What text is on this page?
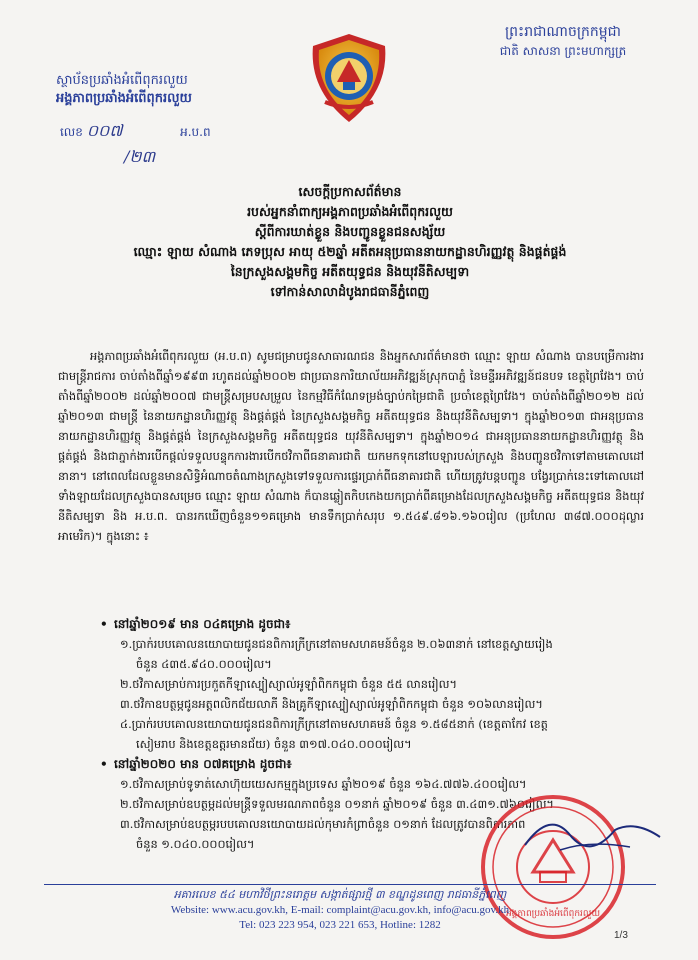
ស្ថាប័នប្រឆាំងអំពើពុករលួយ
អង្គភាពប្រឆាំងអំពើពុករលួយ
លេខ ០០៧	អ.ប.ព
/២៣
ព្រះរាជាណាចក្រកម្ពុជា
ជាតិ សាសនា ព្រះមហាក្សត្រ
សេចក្តីប្រកាសព័ត៌មាន
របស់អ្នកនាំពាក្យអង្គភាពប្រឆាំងអំពើពុករលួយ
ស្តីពីការឃាត់ខ្លួន និងបញ្ជូនខ្លួនជនសង្ស័យ
ឈ្មោះ ឡាយ សំណាង ភេទប្រុស អាយុ ៥២ឆ្នាំ អតីតអនុប្រធាននាយកដ្ឋានហិរញ្ញវត្ថុ និងផ្គត់ផ្គង់
នៃក្រសួងសង្គមកិច្ច អតីតយុទ្ធជន និងយុវនីតិសម្បទា
ទៅកាន់សាលាដំបូងរាជធានីភ្នំពេញ
អង្គភាពប្រឆាំងអំពើពុករលួយ (អ.ប.ព) សូមជម្រាបជូនសាធារណជន និងអ្នកសារព័ត៌មានថា ឈ្មោះ ឡាយ សំណាង បានបម្រើការងារជាមន្ត្រីរាជការ ចាប់តាំងពីឆ្នាំ១៩៩៣ រហូតដល់ឆ្នាំ២០០២ ជាប្រធានការិយាល័យអភិវឌ្ឍន៍ស្រុកបាភ្នំ នៃមន្ទីរអភិវឌ្ឍន៍ជនបទ ខេត្តព្រៃវែង។ ចាប់តាំងពីឆ្នាំ២០០២ ដល់ឆ្នាំ២០០៧ ជាមន្ត្រីសម្របសម្រួល នៃកម្មវិធីកំណែទម្រង់ច្បាប់កម្រៃជាតិ ប្រចាំខេត្តព្រៃវែង។ ចាប់តាំងពីឆ្នាំ២០១២ ដល់ឆ្នាំ២០១៣ ជាមន្ត្រី នៃនាយកដ្ឋានហិរញ្ញវត្ថុ និងផ្គត់ផ្គង់ នៃក្រសួងសង្គមកិច្ច អតីតយុទ្ធជន និងយុវនីតិសម្បទា។ ក្នុងឆ្នាំ២០១៣ ជាអនុប្រធាននាយកដ្ឋានហិរញ្ញវត្ថុ និងផ្គត់ផ្គង់ នៃក្រសួងសង្គមកិច្ច អតីតយុទ្ធជន យុវនីតិសម្បទា។ ក្នុងឆ្នាំ២០១៤ ជាអនុប្រធាននាយកដ្ឋានហិរញ្ញវត្ថុ និងផ្គត់ផ្គង់ និងជាភ្នាក់ងារបើកផ្តល់ទទួលបន្ទុកការងារបើកថវិកាពីធនាគារជាតិ យកមកទុកនៅបេឡារបស់ក្រសួង និងបញ្ជូនថវិកាទៅតាមគោលដៅនានា។ នៅពេលដែលខ្លួនមានសិទ្ធិអំណាចតំណាងក្រសួងទៅទទួលការផ្ទេរប្រាក់ពីធនាគារជាតិ ហើយត្រូវបន្តបញ្ជូន បង្វែរប្រាក់នេះទៅគោលដៅទាំងឡាយដែលក្រសួងបានសម្រេច ឈ្មោះ ឡាយ សំណាង ក៏បានឆ្លៀតកិបកេងយកប្រាក់ពីគម្រោងដែលក្រសួងសង្គមកិច្ច អតីតយុទ្ធជន និងយុវនីតិសម្បទា និង អ.ប.ព. បានរកឃើញចំនួន១១គម្រោង មានទឹកប្រាក់សរុប ១.៥៤៩.៨១៦.១៦០រៀល (ប្រហែល ៣៨៧.០០០ដុល្លារអាមេរិក)។ ក្នុងនោះ ៖
• នៅឆ្នាំ២០១៩ មាន ០៤គម្រោង ដូចជា៖
១.ប្រាក់របបគោលនយោបាយជូនជនពិការក្រីក្រនៅតាមសហគមន៍ចំនួន ២.០៦៣នាក់ នៅខេត្តស្វាយរៀង
ចំនួន ៤៣៥.៩៤០.០០០រៀល។
២.ថវិកាសម្រាប់ការប្រកួតកីឡាស្បៀស្យាល់អូឡាំពិកកម្ពុជា ចំនួន ៥៥ លានរៀល។
៣.ថវិកាឧបត្ថម្ភជូនអត្តពលិកជ័យលាភី និងគ្រូកីឡាស្បៀស្យាល់អូឡាំពិកកម្ពុជា ចំនួន ១០៦លានរៀល។
៤.ប្រាក់របបគោលនយោបាយជូនជនពិការក្រីក្រនៅតាមសហគមន៍ ចំនួន ១.៥៨៥នាក់ (ខេត្តតាកែវ ខេត្ត
សៀមរាប និងខេត្តឧត្តរមានជ័យ) ចំនួន ៣១៧.០៤០.០០០រៀល។
• នៅឆ្នាំ២០២០ មាន ០៧គម្រោង ដូចជា៖
១.ថវិកាសម្រាប់ទូទាត់សោហ៊ុយយេសកម្មក្នុងប្រទេស ឆ្នាំ២០១៩ ចំនួន ១៦៤.៧៧៦.៤០០រៀល។
២.ថវិកាសម្រាប់ឧបត្ថម្ភដល់មន្ត្រីទទួលមរណភាពចំនួន ០១នាក់ ឆ្នាំ២០១៩ ចំនួន ៣.៤៣១.៧៦០រៀល។
៣.ថវិកាសម្រាប់ឧបត្ថម្ភរបបគោលនយោបាយដល់កុមារកំព្រាចំនួន ០១នាក់ ដែលត្រូវបានពិការភាព
ចំនួន ១.០៤០.០០០រៀល។
អង្គភាពប្រឆាំងអំពើពុករលួយ
អគារលេខ ៥៤ មហាវិថីព្រះនរោត្តម សង្កាត់ផ្សារថ្មី ៣ ខណ្ឌដូនពេញ រាជធានីភ្នំពេញ
Website: www.acu.gov.kh, E-mail: complaint@acu.gov.kh, info@acu.gov.kh
Tel: 023 223 954, 023 221 653, Hotline: 1282
1/3
